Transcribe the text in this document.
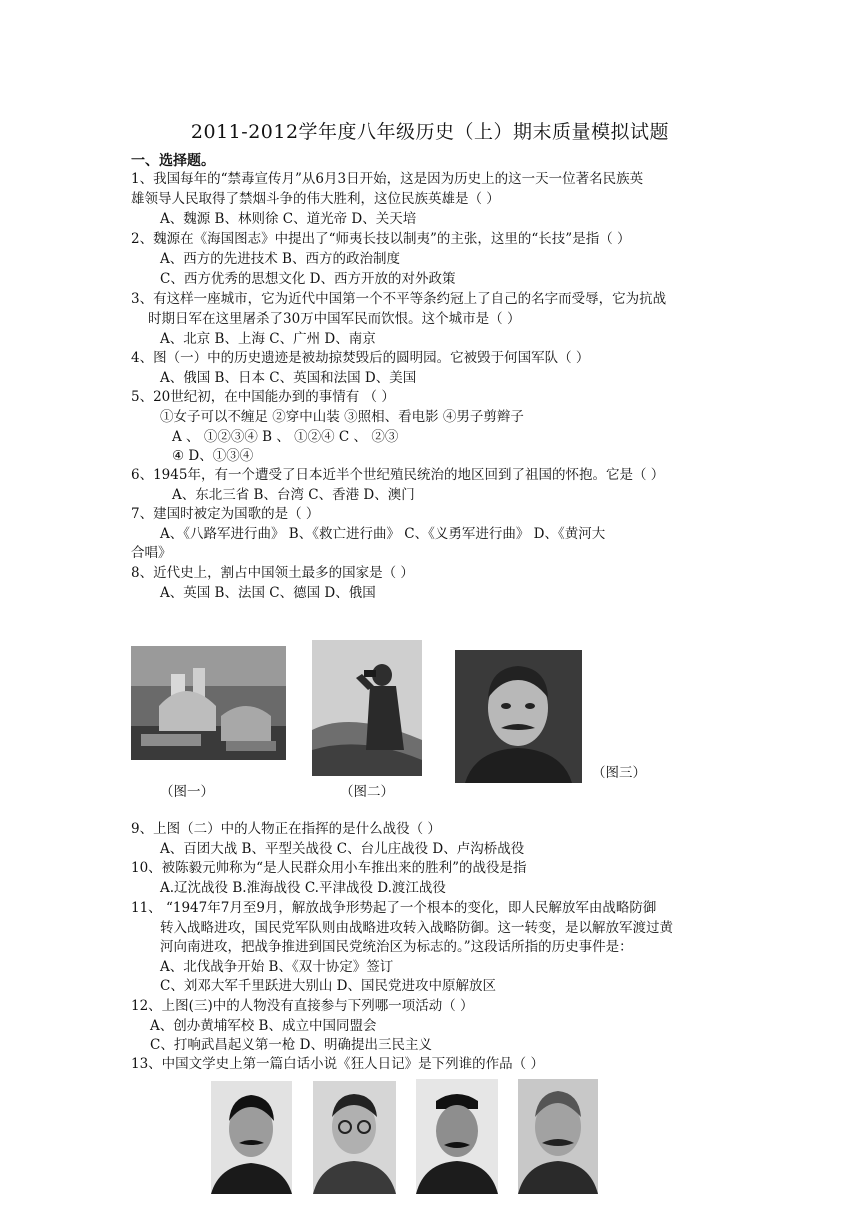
2011-2012学年度八年级历史（上）期末质量模拟试题
一、选择题。
1、我国每年的“禁毒宣传月”从6月3日开始，这是因为历史上的这一天一位著名民族英
雄领导人民取得了禁烟斗争的伟大胜利，这位民族英雄是（ ）
A、魏源 B、林则徐 C、道光帝 D、关天培
2、魏源在《海国图志》中提出了“师夷长技以制夷”的主张，这里的“长技”是指（ ）
A、西方的先进技术 B、西方的政治制度
C、西方优秀的思想文化 D、西方开放的对外政策
3、有这样一座城市，它为近代中国第一个不平等条约冠上了自己的名字而受辱，它为抗战
时期日军在这里屠杀了30万中国军民而饮恨。这个城市是（ ）
A、北京 B、上海 C、广州 D、南京
4、图（一）中的历史遗迹是被劫掠焚毁后的圆明园。它被毁于何国军队（ ）
A、俄国 B、日本 C、英国和法国 D、美国
5、20世纪初，在中国能办到的事情有 （ ）
①女子可以不缠足 ②穿中山装 ③照相、看电影 ④男子剪辫子
A 、 ①②③④ B 、 ①②④ C 、 ②③
④ D、①③④
6、1945年，有一个遭受了日本近半个世纪殖民统治的地区回到了祖国的怀抱。它是（ ）
A、东北三省 B、台湾 C、香港 D、澳门
7、建国时被定为国歌的是（ ）
A、《八路军进行曲》 B、《救亡进行曲》 C、《义勇军进行曲》 D、《黄河大
合唱》
8、近代史上，割占中国领土最多的国家是（ ）
A、英国 B、法国 C、德国 D、俄国
（图一）	（图二）
（图三）
9、上图（二）中的人物正在指挥的是什么战役（ ）
A、百团大战 B、平型关战役 C、台儿庄战役 D、卢沟桥战役
10、被陈毅元帅称为“是人民群众用小车推出来的胜利”的战役是指
A.辽沈战役 B.淮海战役 C.平津战役 D.渡江战役
11、 “1947年7月至9月，解放战争形势起了一个根本的变化，即人民解放军由战略防御
转入战略进攻，国民党军队则由战略进攻转入战略防御。这一转变，是以解放军渡过黄
河向南进攻，把战争推进到国民党统治区为标志的。”这段话所指的历史事件是：
A、北伐战争开始 B、《双十协定》签订
C、刘邓大军千里跃进大别山 D、国民党进攻中原解放区
12、上图(三)中的人物没有直接参与下列哪一项活动（ ）
A、创办黄埔军校 B、成立中国同盟会
C、打响武昌起义第一枪 D、明确提出三民主义
13、中国文学史上第一篇白话小说《狂人日记》是下列谁的作品（ ）
